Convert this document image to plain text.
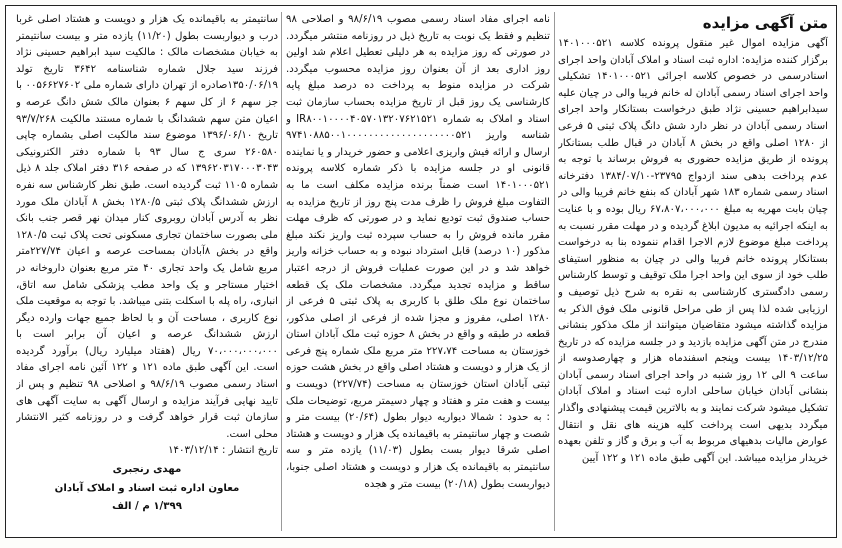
متن آگهی مزایده

آگهی مزایده اموال غیر منقول پرونده کلاسه ۱۴۰۱۰۰۰۵۲۱ برگزار کننده مزایده: اداره ثبت اسناد و املاک آبادان واحد اجرای اسنادرسمی در خصوص کلاسه اجرائی ۱۴۰۱۰۰۰۵۲۱ تشکیلی واحد اجرای اسناد رسمی آبادان له خانم فریبا والی در چیان علیه سیدابراهیم حسینی نژاد طبق درخواست بستانکار واحد اجرای اسناد رسمی آبادان در نظر دارد شش دانگ پلاک ثبتی ۵ فرعی از ۱۲۸۰ اصلی واقع در بخش ۸ آبادان در قبال طلب بستانکار پرونده از طریق مزایده حضوری به فروش برساند با توجه به عدم پرداخت بدهی سند ازدواج ۲۳۷۹۵-۱۳۸۴/۰۷/۱۰ دفترخانه اسناد رسمی شماره ۱۸۳ شهر آبادان که بنفع خانم فریبا والی در چیان بابت مهریه به مبلغ ۶۷،۸۰۷،۰۰۰،۰۰۰ ریال بوده و با عنایت به اینکه اجرائیه به مدیون ابلاغ گردیده و در مهلت مقرر نسبت به پرداخت مبلغ موضوع لازم الاجرا اقدام ننموده بنا به درخواست بستانکار پرونده خانم فریبا والی در چیان به منظور استیفای طلب خود از سوی این واحد اجرا ملک توقیف و توسط کارشناس رسمی دادگستری کارشناسی به نقره به شرح ذیل توصیف و ارزیابی شده لذا پس از طی مراحل قانونی ملک فوق الذکر به مزایده گذاشته میشود متقاضیان میتوانند از ملک مذکور بنشانی مندرج در متن آگهی مزایده بازدید و در جلسه مزایده که در تاریخ ۱۴۰۳/۱۲/۲۵ بیست وپنجم اسفندماه هزار و چهارصدوسه از ساعت ۹ الی ۱۲ روز شنبه در واحد اجرای اسناد رسمی آبادان بنشانی آبادان خیابان ساحلی اداره ثبت اسناد و املاک آبادان تشکیل میشود شرکت نمایند و به بالاترین قیمت پیشنهادی واگذار میگردد بدیهی است پرداخت کلیه هزینه های نقل و انتقال عوارض مالیات بدهیهای مربوط به آب و برق و گاز و تلفن بعهده خریدار مزایده میباشد. این آگهی طبق ماده ۱۲۱ و ۱۲۲ آیین

نامه اجرای مفاد اسناد رسمی مصوب ۹۸/۶/۱۹ و اصلاحی ۹۸ تنظیم و فقط یک نوبت به تاریخ ذیل در روزنامه منتشر میگردد. در صورتی که روز مزایده به هر دلیلی تعطیل اعلام شد اولین روز اداری بعد از آن بعنوان روز مزایده محسوب میگردد. شرکت در مزایده منوط به پرداخت ده درصد مبلغ پایه کارشناسی یک روز قبل از تاریخ مزایده بحساب سازمان ثبت اسناد و املاک به شماره IR۸۰۰۱۰۰۰۰۴۰۵۷۰۱۳۲۰۷۶۲۱۵۲۱ و شناسه واریز ۹۷۴۱۰۸۸۵۰۰۱۰۰۰۰۰۰۰۰۰۰۰۰۰۰۰۰۰۰۰۰۵۲۱ ارسال و ارائه فیش واریزی اعلامی و حضور خریدار و یا نماینده قانونی او در جلسه مزایده با ذکر شماره کلاسه پرونده ۱۴۰۱۰۰۰۵۲۱ است ضمناً برنده مزایده مکلف است ما به التفاوت مبلغ فروش را ظرف مدت پنج روز از تاریخ مزایده به حساب صندوق ثبت تودیع نماید و در صورتی که ظرف مهلت مقرر مانده فروش را به حساب سپرده ثبت واریز نکند مبلغ مذکور (۱۰ درصد) قابل استرداد نبوده و به حساب خزانه واریز خواهد شد و در این صورت عملیات فروش از درجه اعتبار ساقط و مزایده تجدید میگردد. مشخصات ملک یک قطعه ساختمان نوع ملک طلق با کاربری به پلاک ثبتی ۵ فرعی از ۱۲۸۰ اصلی، مفروز و مجزا شده از فرعی از اصلی مذکور، قطعه در طبقه و واقع در بخش ۸ حوزه ثبت ملک آبادان استان خوزستان به مساحت ۲۲۷،۷۴ متر مربع ملک شماره پنج فرعی از یک هزار و دویست و هشتاد اصلی واقع در بخش هشت حوزه ثبتی آبادان استان خوزستان به مساحت (۲۲۷/۷۴) دویست و بیست و هفت متر و هفتاد و چهار دسیمتر مربع، توضیحات ملک : به حدود : شمالا دیواریه دیوار بطول (۲۰/۶۴) بیست متر و شصت و چهار سانتیمتر به باقیمانده یک هزار و دویست و هشتاد اصلی شرقا دیوار بست بطول (۱۱/۰۳) یازده متر و سه سانتیمتر به باقیمانده یک هزار و دویست و هشتاد اصلی جنوبا، دیواربست بطول (۲۰/۱۸) بیست متر و هجده

سانتیمتر به باقیمانده یک هزار و دویست و هشتاد اصلی غربا درب و دیواربست بطول (۱۱/۲۰) یازده متر و بیست سانتیمتر به خیابان مشخصات مالک : مالکیت سید ابراهیم حسینی نژاد فرزند سید جلال شماره شناسنامه ۳۶۴۲ تاریخ تولد ۱۳۵۰/۰۶/۱۹صادره از تهران دارای شماره ملی ۰۰۵۶۶۲۷۶۰۲ با جز سهم ۶ از کل سهم ۶ بعنوان مالک شش دانگ عرصه و اعیان متن سهم ششدانگ با شماره مستند مالکیت ۹۳/۷/۲۶۸ تاریخ ۱۳۹۶/۰۶/۱۰ موضوع سند مالکیت اصلی بشماره چاپی ۲۶۰۵۸۰ سری ج سال ۹۳ با شماره دفتر الکترونیکی ۱۳۹۶۲۰۳۱۷۰۰۰۳۰۴۳ که در صفحه ۳۱۶ دفتر املاک جلد ۸ ذیل شماره ۱۱۰۵ ثبت گردیده است. طبق نظر کارشناس سه نفره ارزش ششدانگ پلاک ثبتی ۱۲۸۰/۵ بخش ۸ آبادان ملک مورد نظر به آدرس آبادان روبروی کنار میدان نهر قصر جنب بانک ملی بصورت ساختمان تجاری مسکونی تحت پلاک ثبت ۱۲۸۰/۵ واقع در بخش ۸آبادان بمساحت عرصه و اعیان ۲۲۷/۷۴متر مربع شامل یک واحد تجاری ۴۰ متر مربع بعنوان داروخانه در اختیار مستاجر و یک واحد مطب پزشکی شامل سه اتاق، انباری، راه پله با اسکلت بتنی میباشد. با توجه به موقعیت ملک نوع کاربری ، مساحت آن و با لحاظ جمیع جهات وارده دیگر ارزش ششدانگ عرصه و اعیان آن برابر است با ۷۰،۰۰۰،۰۰۰،۰۰۰ ریال (هفتاد میلیارد ریال) برآورد گردیده است. این آگهی طبق ماده ۱۲۱ و ۱۲۲ آئین نامه اجرای مفاد اسناد رسمی مصوب ۹۸/۶/۱۹ و اصلاحی ۹۸ تنظیم و پس از تایید نهایی فرآیند مزایده و ارسال آگهی به سایت آگهی های سازمان ثبت قرار خواهد گرفت و در روزنامه کثیر الانتشار محلی است.

تاریخ انتشار : ۱۴۰۳/۱۲/۱۴

مهدی رنجبری
معاون اداره ثبت اسناد و املاک آبادان
۱/۳۹۹ م / الف
